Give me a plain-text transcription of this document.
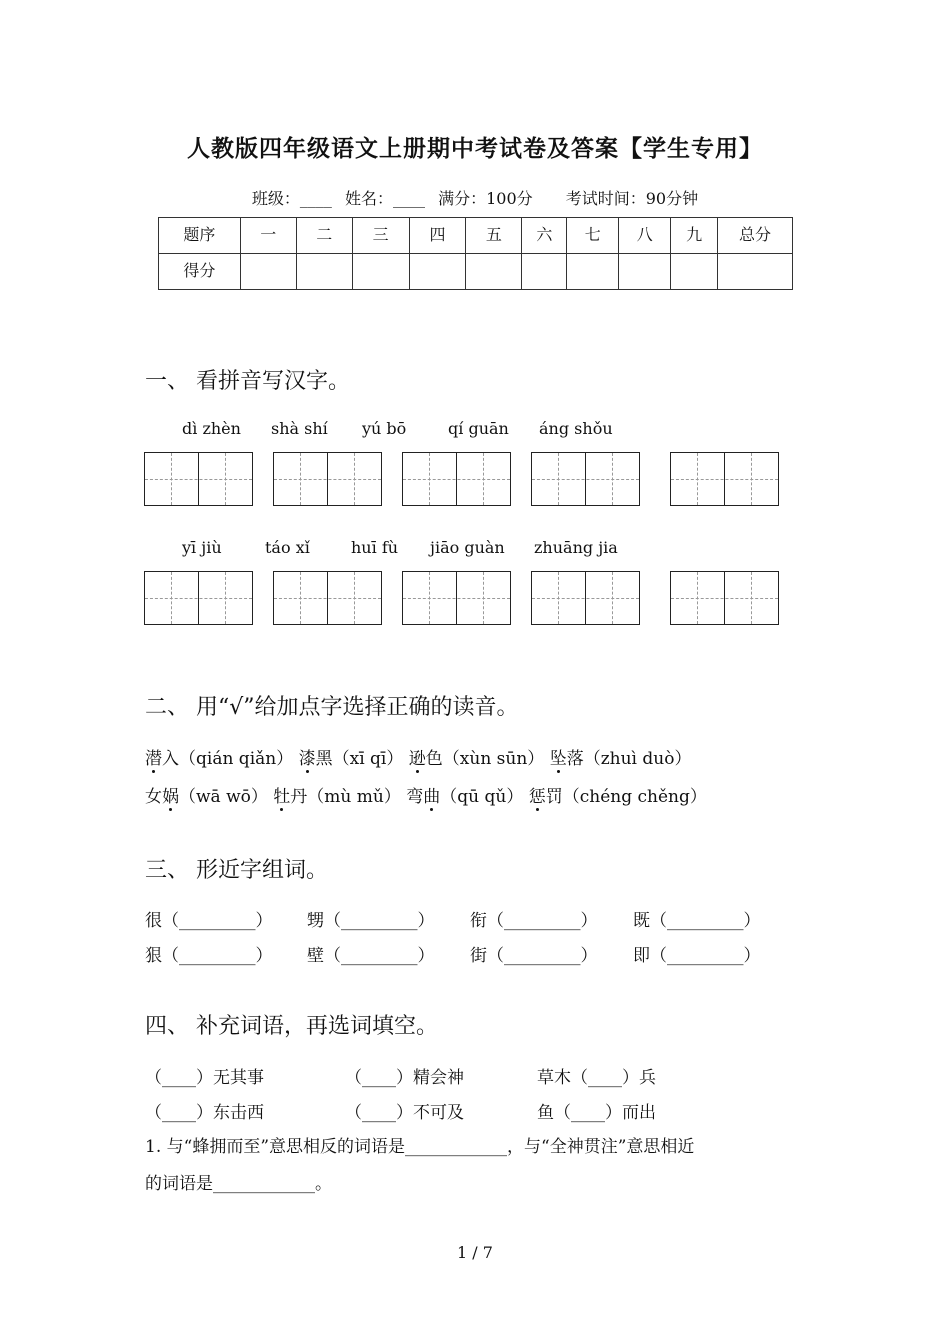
人教版四年级语文上册期中考试卷及答案【学生专用】
班级：____ 姓名：____ 满分：100分 考试时间：90分钟
题序	一	二	三	四	五	六	七	八	九	总分
得分										
一、 看拼音写汉字。
dì zhèn shà shí yú bō	qí guān áng shǒu
yī jiù	táo xǐ	huī fù jiāo guàn zhuāng jia
二、 用“√”给加点字选择正确的读音。
潜入（qián qiǎn） 漆黑（xī qī） 逊色（xùn sūn） 坠落（zhuì duò）
女娲（wā wō） 牡丹（mù mǔ） 弯曲（qū qǔ） 惩罚（chéng chěng）
三、 形近字组词。
很（_________） 甥（_________） 衔（_________） 既（_________）
狠（_________） 壁（_________） 街（_________） 即（_________）
四、 补充词语，再选词填空。
（____）无其事	（____）精会神	草木（____）兵
（____）东击西	（____）不可及	鱼（____）而出
1. 与“蜂拥而至”意思相反的词语是____________，与“全神贯注”意思相近
的词语是____________。
1 / 7
